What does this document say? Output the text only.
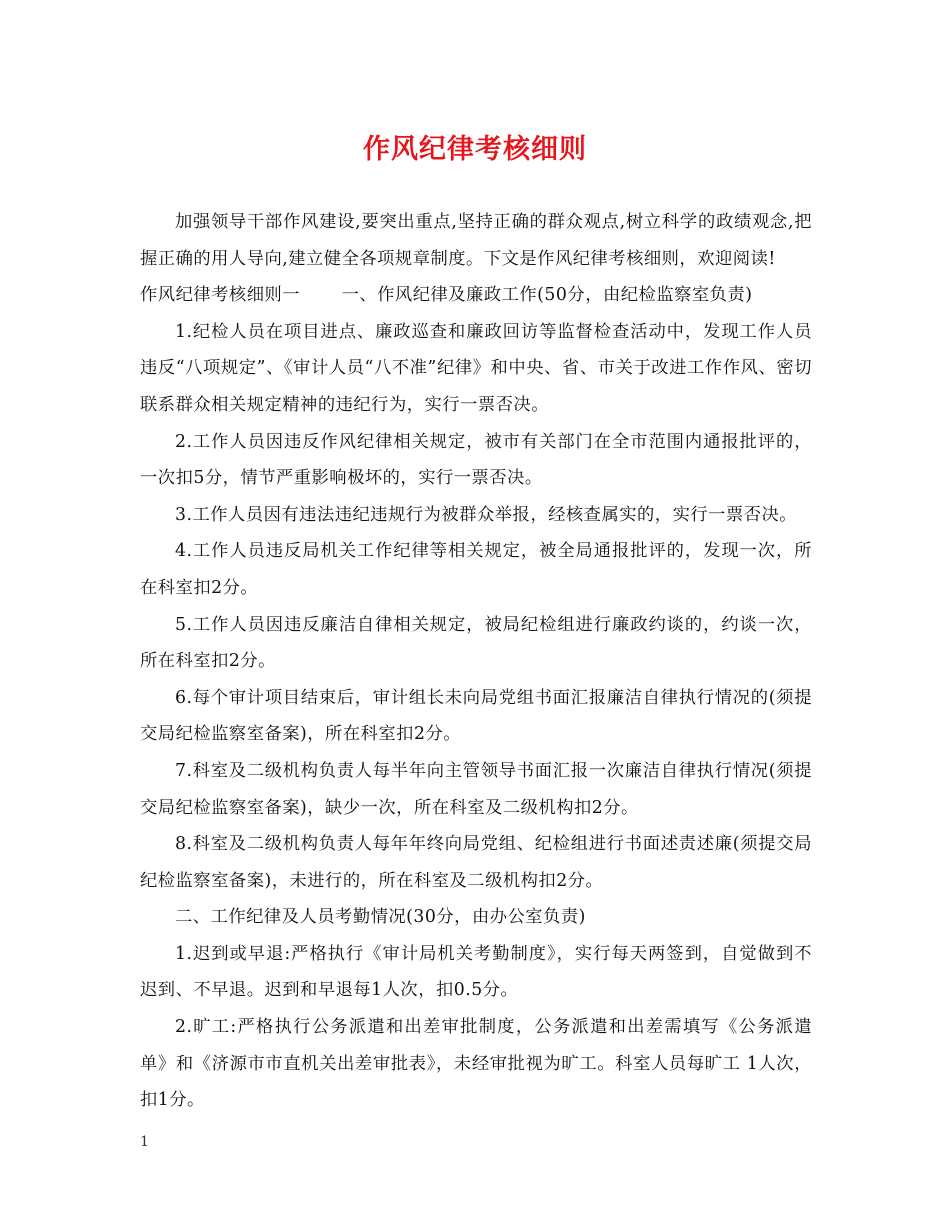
作风纪律考核细则

加强领导干部作风建设,要突出重点,坚持正确的群众观点,树立科学的政绩观念,把握正确的用人导向,建立健全各项规章制度。下文是作风纪律考核细则，欢迎阅读!

作风纪律考核细则一　　 一、作风纪律及廉政工作(50分，由纪检监察室负责)

1.纪检人员在项目进点、廉政巡查和廉政回访等监督检查活动中，发现工作人员违反“八项规定”、《审计人员“八不准”纪律》和中央、省、市关于改进工作作风、密切联系群众相关规定精神的违纪行为，实行一票否决。

2.工作人员因违反作风纪律相关规定，被市有关部门在全市范围内通报批评的，一次扣5分，情节严重影响极坏的，实行一票否决。

3.工作人员因有违法违纪违规行为被群众举报，经核查属实的，实行一票否决。

4.工作人员违反局机关工作纪律等相关规定，被全局通报批评的，发现一次，所在科室扣2分。

5.工作人员因违反廉洁自律相关规定，被局纪检组进行廉政约谈的，约谈一次，所在科室扣2分。

6.每个审计项目结束后，审计组长未向局党组书面汇报廉洁自律执行情况的(须提交局纪检监察室备案)，所在科室扣2分。

7.科室及二级机构负责人每半年向主管领导书面汇报一次廉洁自律执行情况(须提交局纪检监察室备案)，缺少一次，所在科室及二级机构扣2分。

8.科室及二级机构负责人每年年终向局党组、纪检组进行书面述责述廉(须提交局纪检监察室备案)，未进行的，所在科室及二级机构扣2分。

二、工作纪律及人员考勤情况(30分，由办公室负责)

1.迟到或早退:严格执行《审计局机关考勤制度》，实行每天两签到，自觉做到不迟到、不早退。迟到和早退每1人次，扣0.5分。

2.旷工:严格执行公务派遣和出差审批制度，公务派遣和出差需填写《公务派遣单》和《济源市市直机关出差审批表》，未经审批视为旷工。科室人员每旷工 1人次，扣1分。

1
